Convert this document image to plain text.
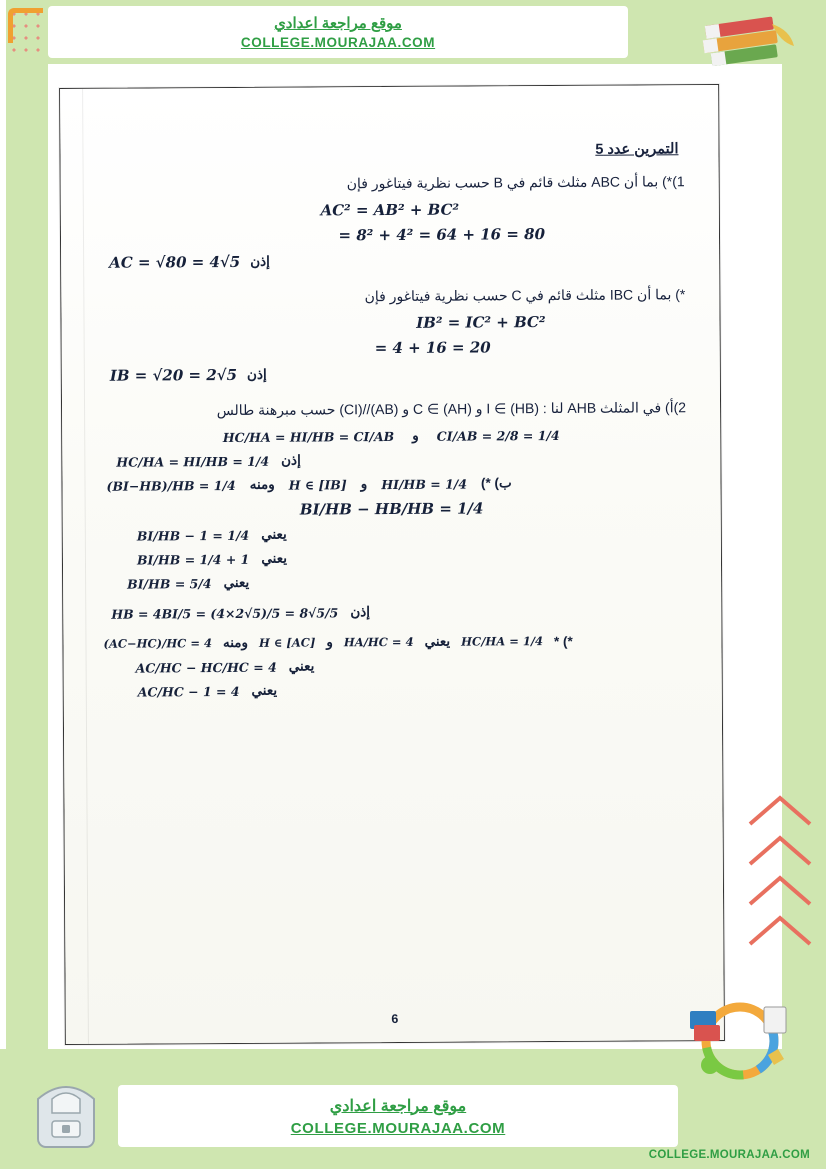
موقع مراجعة اعدادي
COLLEGE.MOURAJAA.COM
التمرين عدد 5
1)*) بما أن ABC مثلث قائم في B حسب نظرية فيتاغور فإن
AC² = AB² + BC²
= 8² + 4² = 64 + 16 = 80
إذن
AC = √80 = 4√5
*) بما أن IBC مثلث قائم في C حسب نظرية فيتاغور فإن
IB² = IC² + BC²
= 4 + 16 = 20
إذن
IB = √20 = 2√5
2)أ) في المثلث AHB لنا : I ∈ (HB) و C ∈ (AH) و (AB)//(CI) حسب مبرهنة طالس
CI/AB = 2/8 = 1/4
و
HC/HA = HI/HB = CI/AB
إذن
HC/HA = HI/HB = 1/4
ب) *)
HI/HB = 1/4
و
H ∈ [IB]
ومنه
(BI−HB)/HB = 1/4
BI/HB − HB/HB = 1/4
يعني
BI/HB − 1 = 1/4
يعني
BI/HB = 1/4 + 1
يعني
BI/HB = 5/4
إذن
HB = 4BI/5 = (4×2√5)/5 = 8√5/5
*) *
HC/HA = 1/4
يعني
HA/HC = 4
و
H ∈ [AC]
ومنه
(AC−HC)/HC = 4
يعني
AC/HC − HC/HC = 4
يعني
AC/HC − 1 = 4
6
موقع مراجعة اعدادي
COLLEGE.MOURAJAA.COM
COLLEGE.MOURAJAA.COM
